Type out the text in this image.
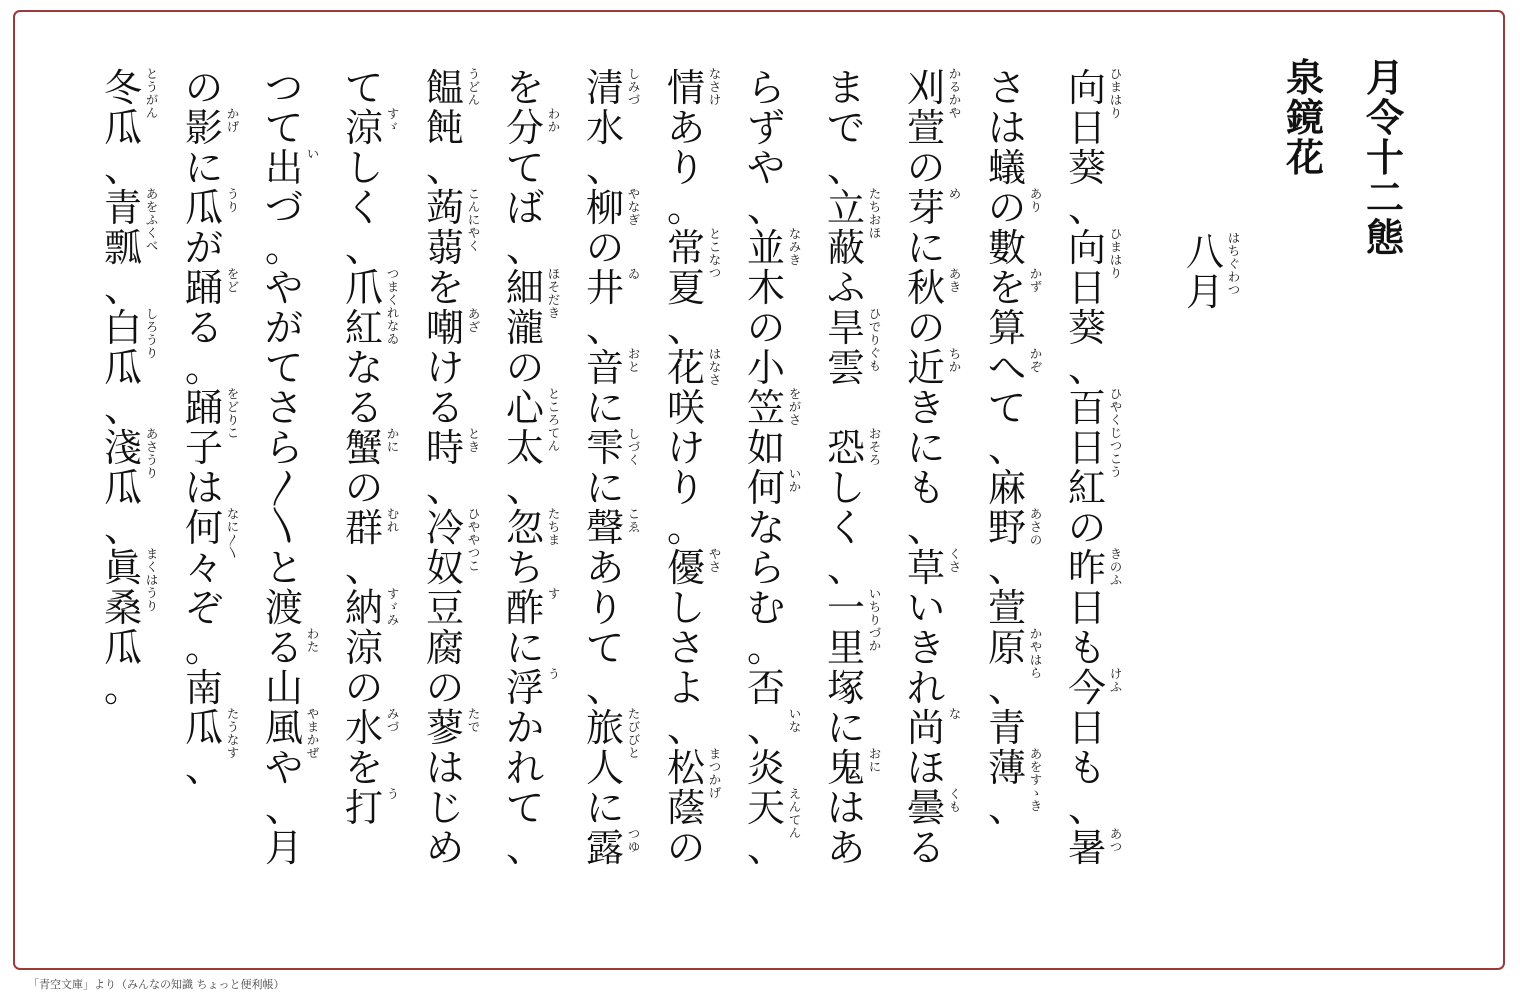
月
令
十
二
態
泉
鏡
花
八 は
ち
ぐ
わ
つ
月
向 ひ
ま
は
り
日
葵
、
向 ひ
ま
は
り
日
葵
、
百 ひ
や
く
じ
つ
こ
う
日
紅
の
昨 き
の
ふ
日
も
今 け
ふ
日
も
、
暑 あ
つ
さ
は
蟻
の あ
り
數
を か
ず
算
へ か
ぞ
て
、
麻
野 あ
さ
の
、
萱
原 か
や
は
ら
、
青
薄 あ
を
す
ゝ
き
、
刈 か
る
か
や
萱
の
芽 め
に
秋 あ
き
の
近 ち
か
き
に
も
、
草 く
さ
い
き
れ
尚 な
ほ
曇 く
も
る
ま
で
、
立 た
ち
お
ほ
蔽
ふ
旱 ひ
で
り
ぐ
も
雲
恐 お
そ
ろ
し
く
、
一 い
ち
り
づ
か
里
塚
に
鬼 お
に
は
あ
ら
ず
や
、
並 な
み
き
木
の
小
笠 を
が
さ
如
何 い
か
な
ら
む
。
否
、 い
な
炎
天 え
ん
て
ん
、
情 な
さ
け
あ
り
。
常 と
こ
な
つ
夏
、
花 は
な
さ
咲
け
り
。
優 や
さ
し
さ
よ
、
松 ま
つ
か
げ
蔭
の
清 し
み
づ
水
、
柳 や
な
ぎ
の
井 ゐ
、
音 お
と
に
雫 し
づ
く
に
聲 こ
ゑ
あ
り
て
、
旅 た
び
び
と
人
に
露 つ
ゆ
を
分 わ
か
て
ば
、
細 ほ
そ
だ
き
瀧
の
心 と
こ
ろ
て
ん
太
、
忽 た
ち
ま
ち
酢 す
に
浮 う
か
れ
て
、
饂 う
ど
ん
飩
、
蒟 こ
ん
に
や
く
蒻
を
嘲 あ
ざ
け
る
時 と
き
、
冷 ひ
や
や
つ
こ
奴
豆
腐
の
蓼 た
で
は
じ
め
て
涼 す
ゞ
し
く
、
爪 つ
ま
く
れ
な
ゐ
紅
な
る
蟹 か
に
の
群 む
れ
、
納 す
ゞ
み
涼
の
水 み
づ
を
打 う
つ
て
出 い
づ
。
や
が
て
さ
ら
〳
〵
と
渡
る わ
た
山
風 や
ま
か
ぜ
や
、
月
の
影 か
げ
に
瓜 う
り
が
踊 を
ど
る
。
踊 を
ど
り
こ
子
は
何 な
に
〳
〵
々
ぞ
。
南
瓜 た
う
な
す
、
冬 と
う
が
ん
瓜
、
青 あ
を
ふ
く
べ
瓢
、
白 し
ろ
う
り
瓜
、
淺 あ
さ
う
り
瓜
、
眞 ま
く
は
う
り
桑
瓜
。
「青空文庫」より（みんなの知識 ちょっと便利帳）
